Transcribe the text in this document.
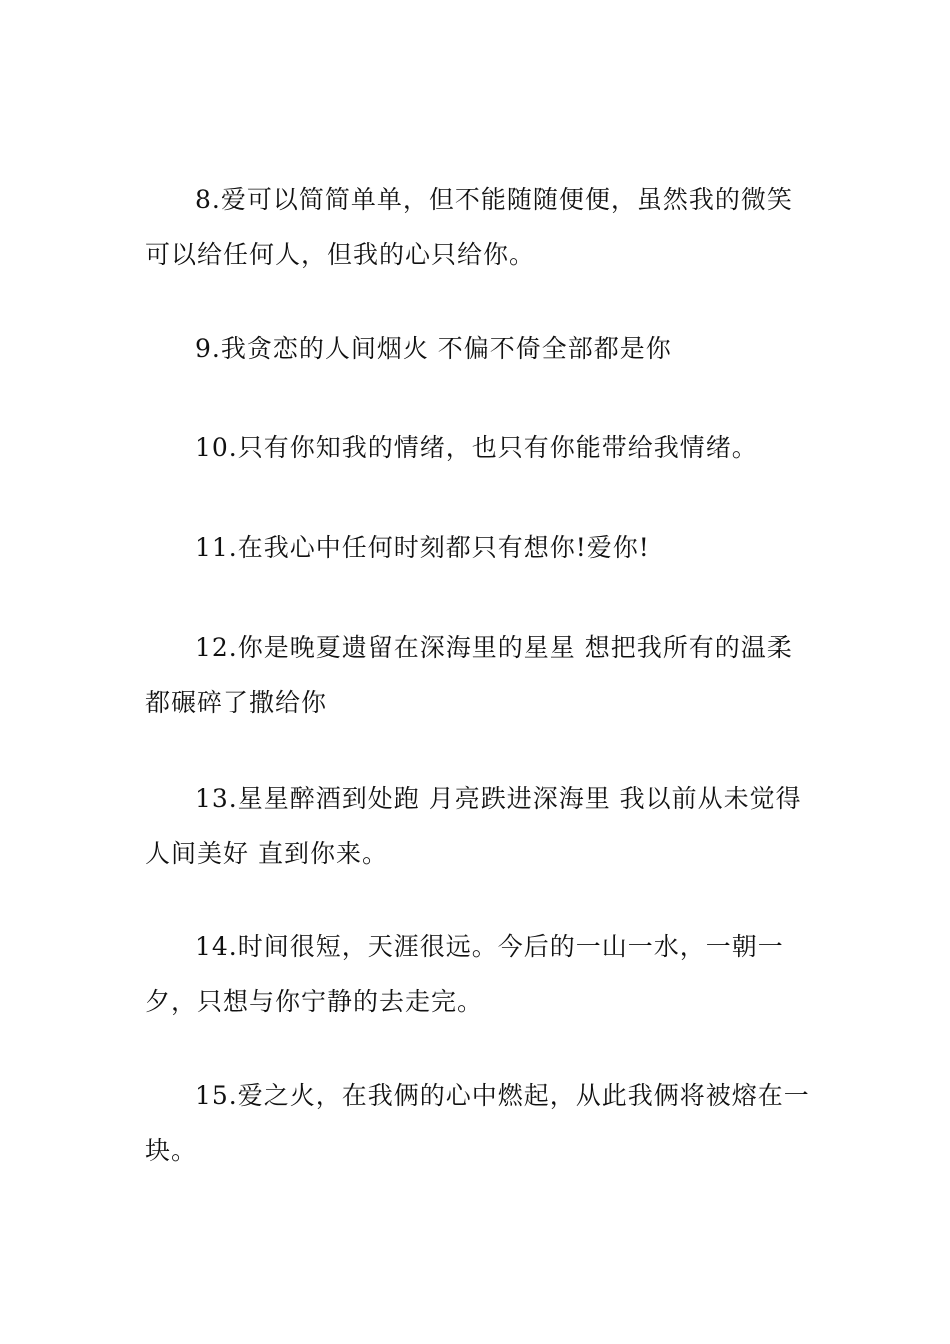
8.爱可以简简单单，但不能随随便便，虽然我的微笑可以给任何人，但我的心只给你。

9.我贪恋的人间烟火 不偏不倚全部都是你

10.只有你知我的情绪，也只有你能带给我情绪。

11.在我心中任何时刻都只有想你!爱你!

12.你是晚夏遗留在深海里的星星 想把我所有的温柔都碾碎了撒给你

13.星星醉酒到处跑 月亮跌进深海里 我以前从未觉得人间美好 直到你来。

14.时间很短，天涯很远。今后的一山一水，一朝一夕，只想与你宁静的去走完。

15.爱之火，在我俩的心中燃起，从此我俩将被熔在一块。
